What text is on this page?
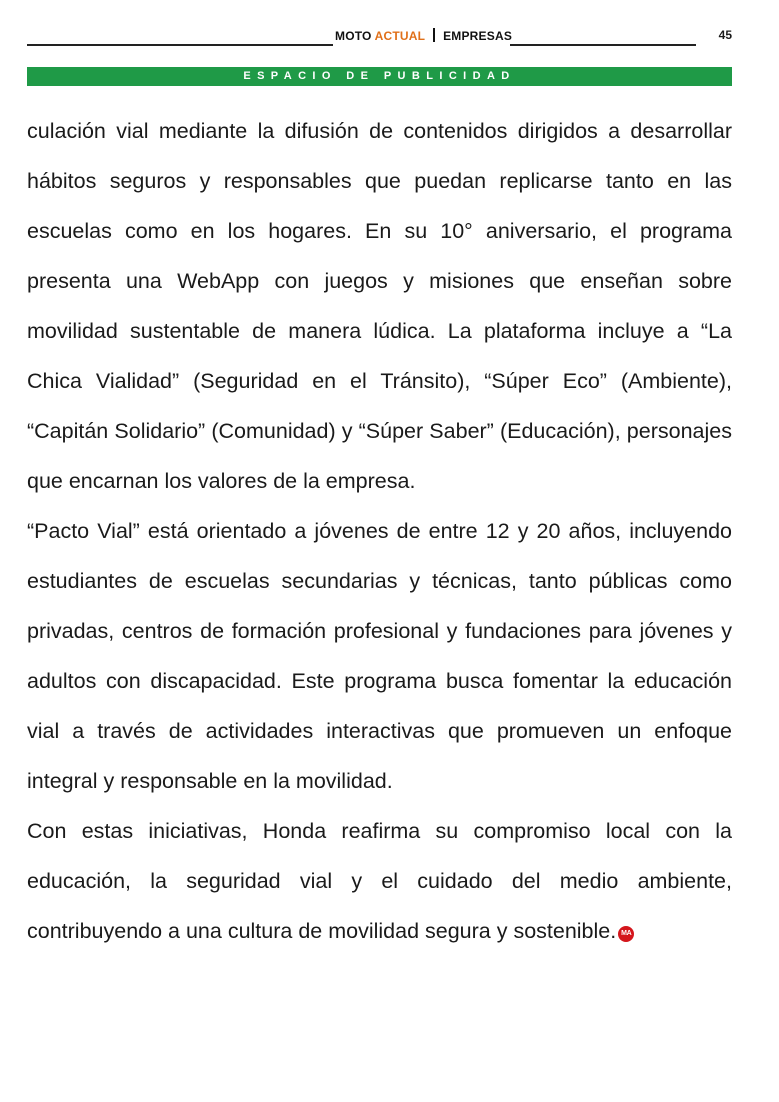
MOTO ACTUAL EMPRESAS	45
ESPACIO DE PUBLICIDAD

culación vial mediante la difusión de contenidos dirigidos a desarrollar hábitos seguros y responsables que puedan replicarse tanto en las escuelas como en los hogares. En su 10° aniversario, el programa presenta una WebApp con juegos y misiones que enseñan sobre movilidad sustentable de manera lúdica. La plataforma incluye a “La Chica Vialidad” (Seguridad en el Tránsito), “Súper Eco” (Ambiente), “Capitán Solidario” (Comunidad) y “Súper Saber” (Educación), personajes que encarnan los valores de la empresa.

“Pacto Vial” está orientado a jóvenes de entre 12 y 20 años, incluyendo estudiantes de escuelas secundarias y técnicas, tanto públicas como privadas, centros de formación profesional y fundaciones para jóvenes y adultos con discapacidad. Este programa busca fomentar la educación vial a través de actividades interactivas que promueven un enfoque integral y responsable en la movilidad.

Con estas iniciativas, Honda reafirma su compromiso local con la educación, la seguridad vial y el cuidado del medio ambiente, contribuyendo a una cultura de movilidad segura y sostenible. MA
